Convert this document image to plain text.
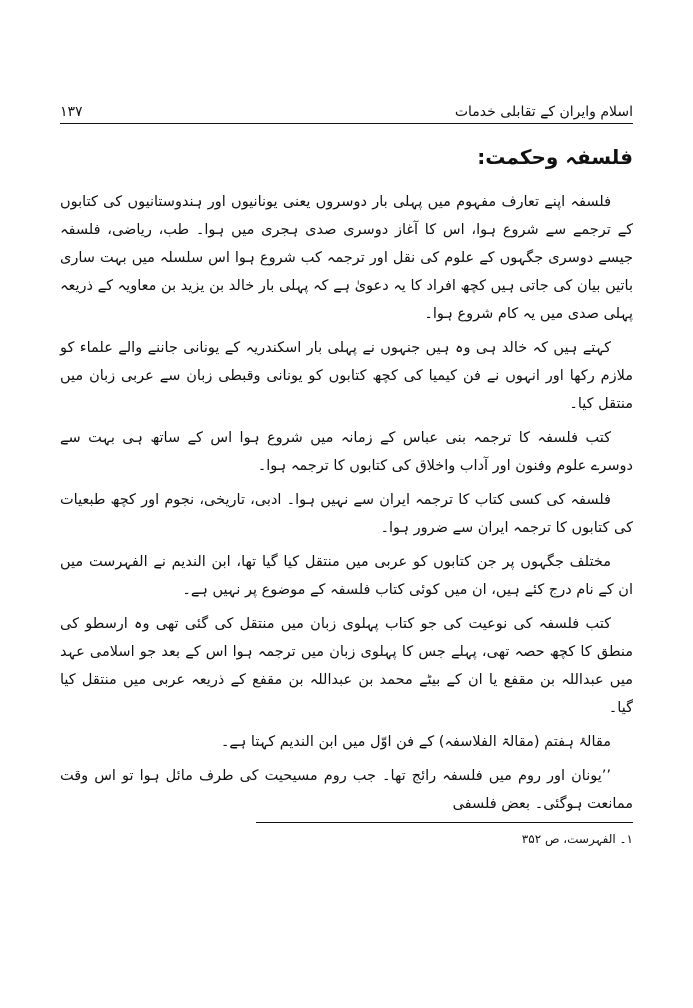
اسلام وایران کے تقابلی خدمات
۱۳۷
فلسفہ وحکمت:

فلسفہ اپنے تعارف مفہوم میں پہلی بار دوسروں یعنی یونانیوں اور ہندوستانیوں کی کتابوں کے ترجمے سے شروع ہوا، اس کا آغاز دوسری صدی ہجری میں ہوا۔ طب، ریاضی، فلسفہ جیسے دوسری جگہوں کے علوم کی نقل اور ترجمہ کب شروع ہوا اس سلسلہ میں بہت ساری باتیں بیان کی جاتی ہیں کچھ افراد کا یہ دعویٰ ہے کہ پہلی بار خالد بن یزید بن معاویہ کے ذریعہ پہلی صدی میں یہ کام شروع ہوا۔

کہتے ہیں کہ خالد ہی وہ ہیں جنہوں نے پہلی بار اسکندریہ کے یونانی جاننے والے علماء کو ملازم رکھا اور انہوں نے فن کیمیا کی کچھ کتابوں کو یونانی وقبطی زبان سے عربی زبان میں منتقل کیا۔

کتب فلسفہ کا ترجمہ بنی عباس کے زمانہ میں شروع ہوا اس کے ساتھ ہی بہت سے دوسرے علوم وفنون اور آداب واخلاق کی کتابوں کا ترجمہ ہوا۔

فلسفہ کی کسی کتاب کا ترجمہ ایران سے نہیں ہوا۔ ادبی، تاریخی، نجوم اور کچھ طبعیات کی کتابوں کا ترجمہ ایران سے ضرور ہوا۔

مختلف جگہوں پر جن کتابوں کو عربی میں منتقل کیا گیا تھا، ابن الندیم نے الفہرست میں ان کے نام درج کئے ہیں، ان میں کوئی کتاب فلسفہ کے موضوع پر نہیں ہے۔

کتب فلسفہ کی نوعیت کی جو کتاب پہلوی زبان میں منتقل کی گئی تھی وہ ارسطو کی منطق کا کچھ حصہ تھی، پہلے جس کا پہلوی زبان میں ترجمہ ہوا اس کے بعد جو اسلامی عہد میں عبداللہ بن مقفع یا ان کے بیٹے محمد بن عبداللہ بن مقفع کے ذریعہ عربی میں منتقل کیا گیا۔

مقالۂ ہفتم (مقالۃ الفلاسفہ) کے فن اوّل میں ابن الندیم کہتا ہے۔

’’یونان اور روم میں فلسفہ رائج تھا۔ جب روم مسیحیت کی طرف مائل ہوا تو اس وقت ممانعت ہوگئی۔ بعض فلسفی

۱۔ الفہرست، ص ۳۵۲
